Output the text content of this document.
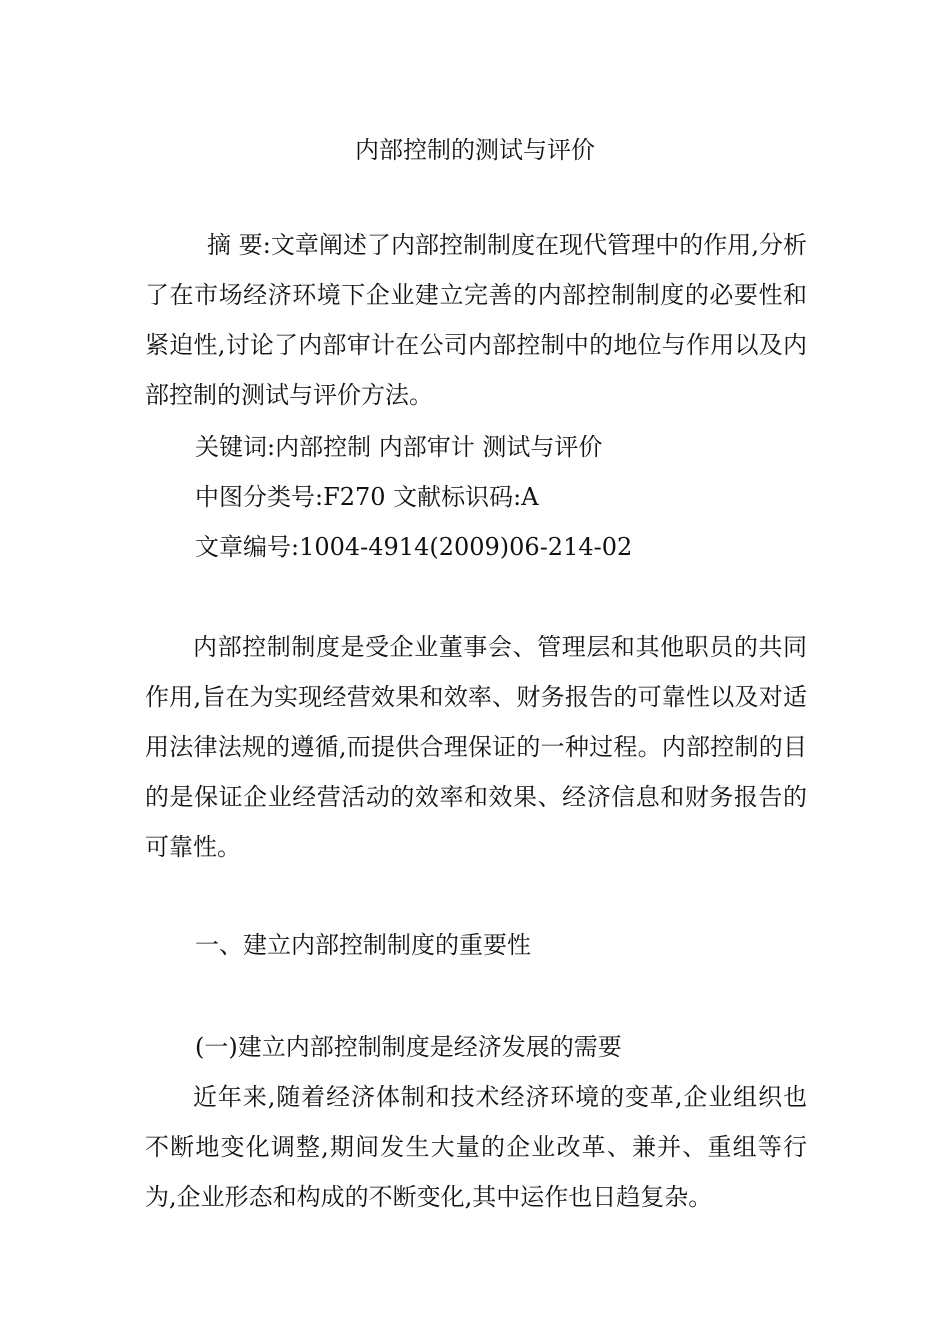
内部控制的测试与评价

摘 要:文章阐述了内部控制制度在现代管理中的作用,分析了在市场经济环境下企业建立完善的内部控制制度的必要性和紧迫性,讨论了内部审计在公司内部控制中的地位与作用以及内部控制的测试与评价方法。

关键词:内部控制 内部审计 测试与评价
中图分类号:F270 文献标识码:A
文章编号:1004-4914(2009)06-214-02

内部控制制度是受企业董事会、管理层和其他职员的共同作用,旨在为实现经营效果和效率、财务报告的可靠性以及对适用法律法规的遵循,而提供合理保证的一种过程。内部控制的目的是保证企业经营活动的效率和效果、经济信息和财务报告的可靠性。

一、建立内部控制制度的重要性
(一)建立内部控制制度是经济发展的需要

近年来,随着经济体制和技术经济环境的变革,企业组织也不断地变化调整,期间发生大量的企业改革、兼并、重组等行为,企业形态和构成的不断变化,其中运作也日趋复杂。
